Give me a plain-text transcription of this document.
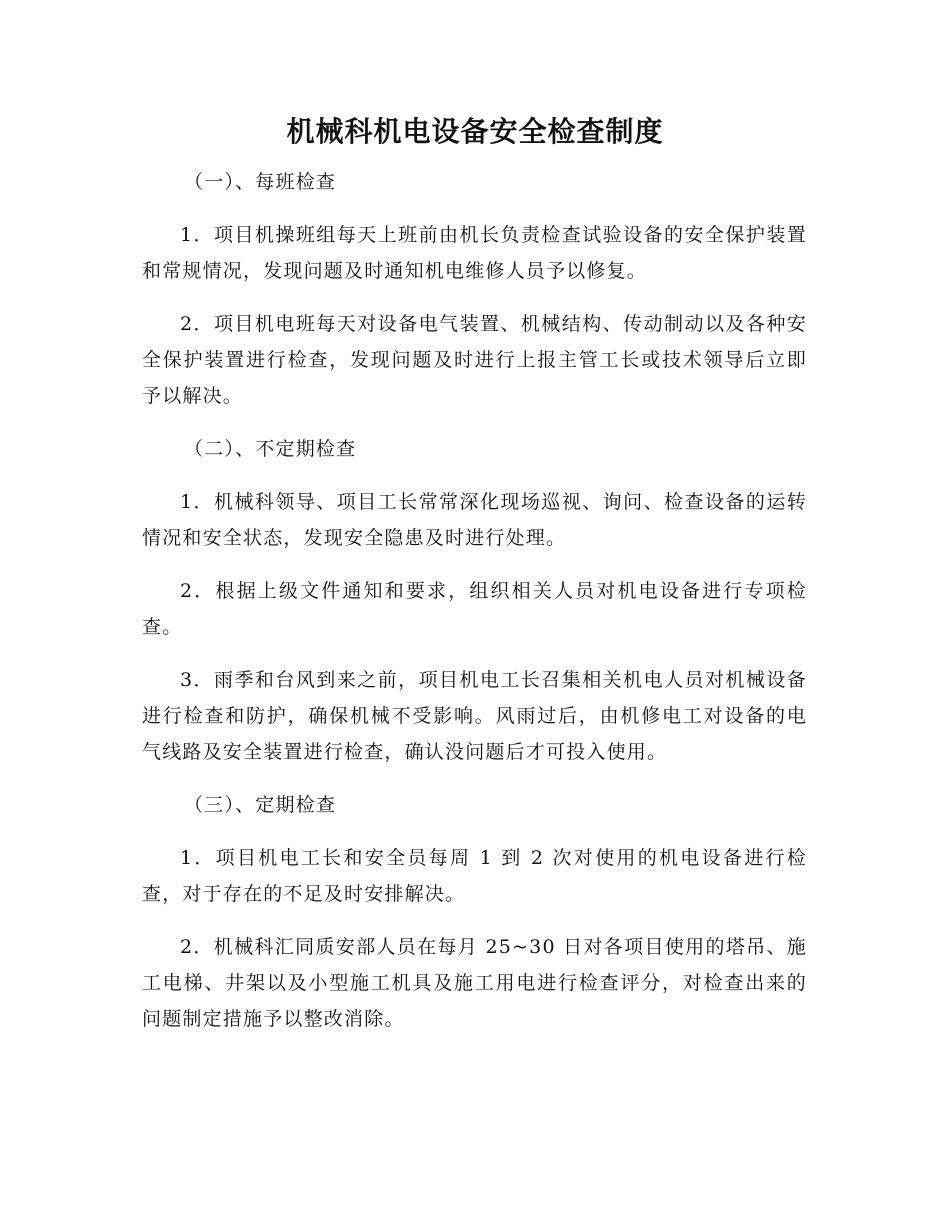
机械科机电设备安全检查制度
（一）、每班检查

1．项目机操班组每天上班前由机长负责检查试验设备的安全保护装置和常规情况，发现问题及时通知机电维修人员予以修复。

2．项目机电班每天对设备电气装置、机械结构、传动制动以及各种安全保护装置进行检查，发现问题及时进行上报主管工长或技术领导后立即予以解决。

（二）、不定期检查

1．机械科领导、项目工长常常深化现场巡视、询问、检查设备的运转情况和安全状态，发现安全隐患及时进行处理。

2．根据上级文件通知和要求，组织相关人员对机电设备进行专项检查。

3．雨季和台风到来之前，项目机电工长召集相关机电人员对机械设备进行检查和防护，确保机械不受影响。风雨过后，由机修电工对设备的电气线路及安全装置进行检查，确认没问题后才可投入使用。

（三）、定期检查

1．项目机电工长和安全员每周 1 到 2 次对使用的机电设备进行检查，对于存在的不足及时安排解决。

2．机械科汇同质安部人员在每月 25~30 日对各项目使用的塔吊、施工电梯、井架以及小型施工机具及施工用电进行检查评分，对检查出来的问题制定措施予以整改消除。
